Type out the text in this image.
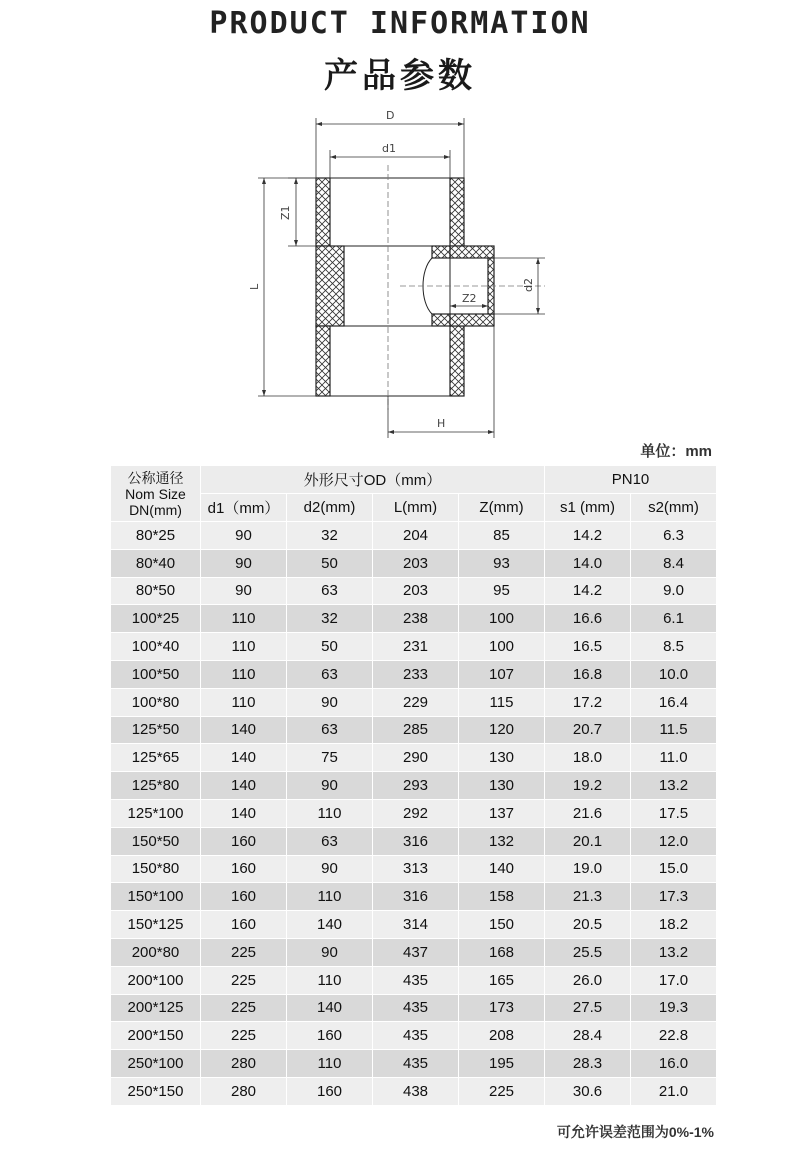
PRODUCT INFORMATION
产品参数
D
d1
Z1
L	d2
Z2
H
单位：mm
公称通径
Nom Size
DN(mm)	外形尺寸OD（mm）				PN10	
	d1（mm）	d2(mm)	L(mm)	Z(mm)	s1 (mm)	s2(mm)
80*25	90	32	204	85	14.2	6.3
80*40	90	50	203	93	14.0	8.4
80*50	90	63	203	95	14.2	9.0
100*25	110	32	238	100	16.6	6.1
100*40	110	50	231	100	16.5	8.5
100*50	110	63	233	107	16.8	10.0
100*80	110	90	229	115	17.2	16.4
125*50	140	63	285	120	20.7	11.5
125*65	140	75	290	130	18.0	11.0
125*80	140	90	293	130	19.2	13.2
125*100	140	110	292	137	21.6	17.5
150*50	160	63	316	132	20.1	12.0
150*80	160	90	313	140	19.0	15.0
150*100	160	110	316	158	21.3	17.3
150*125	160	140	314	150	20.5	18.2
200*80	225	90	437	168	25.5	13.2
200*100	225	110	435	165	26.0	17.0
200*125	225	140	435	173	27.5	19.3
200*150	225	160	435	208	28.4	22.8
250*100	280	110	435	195	28.3	16.0
250*150	280	160	438	225	30.6	21.0
可允许误差范围为0%-1%
